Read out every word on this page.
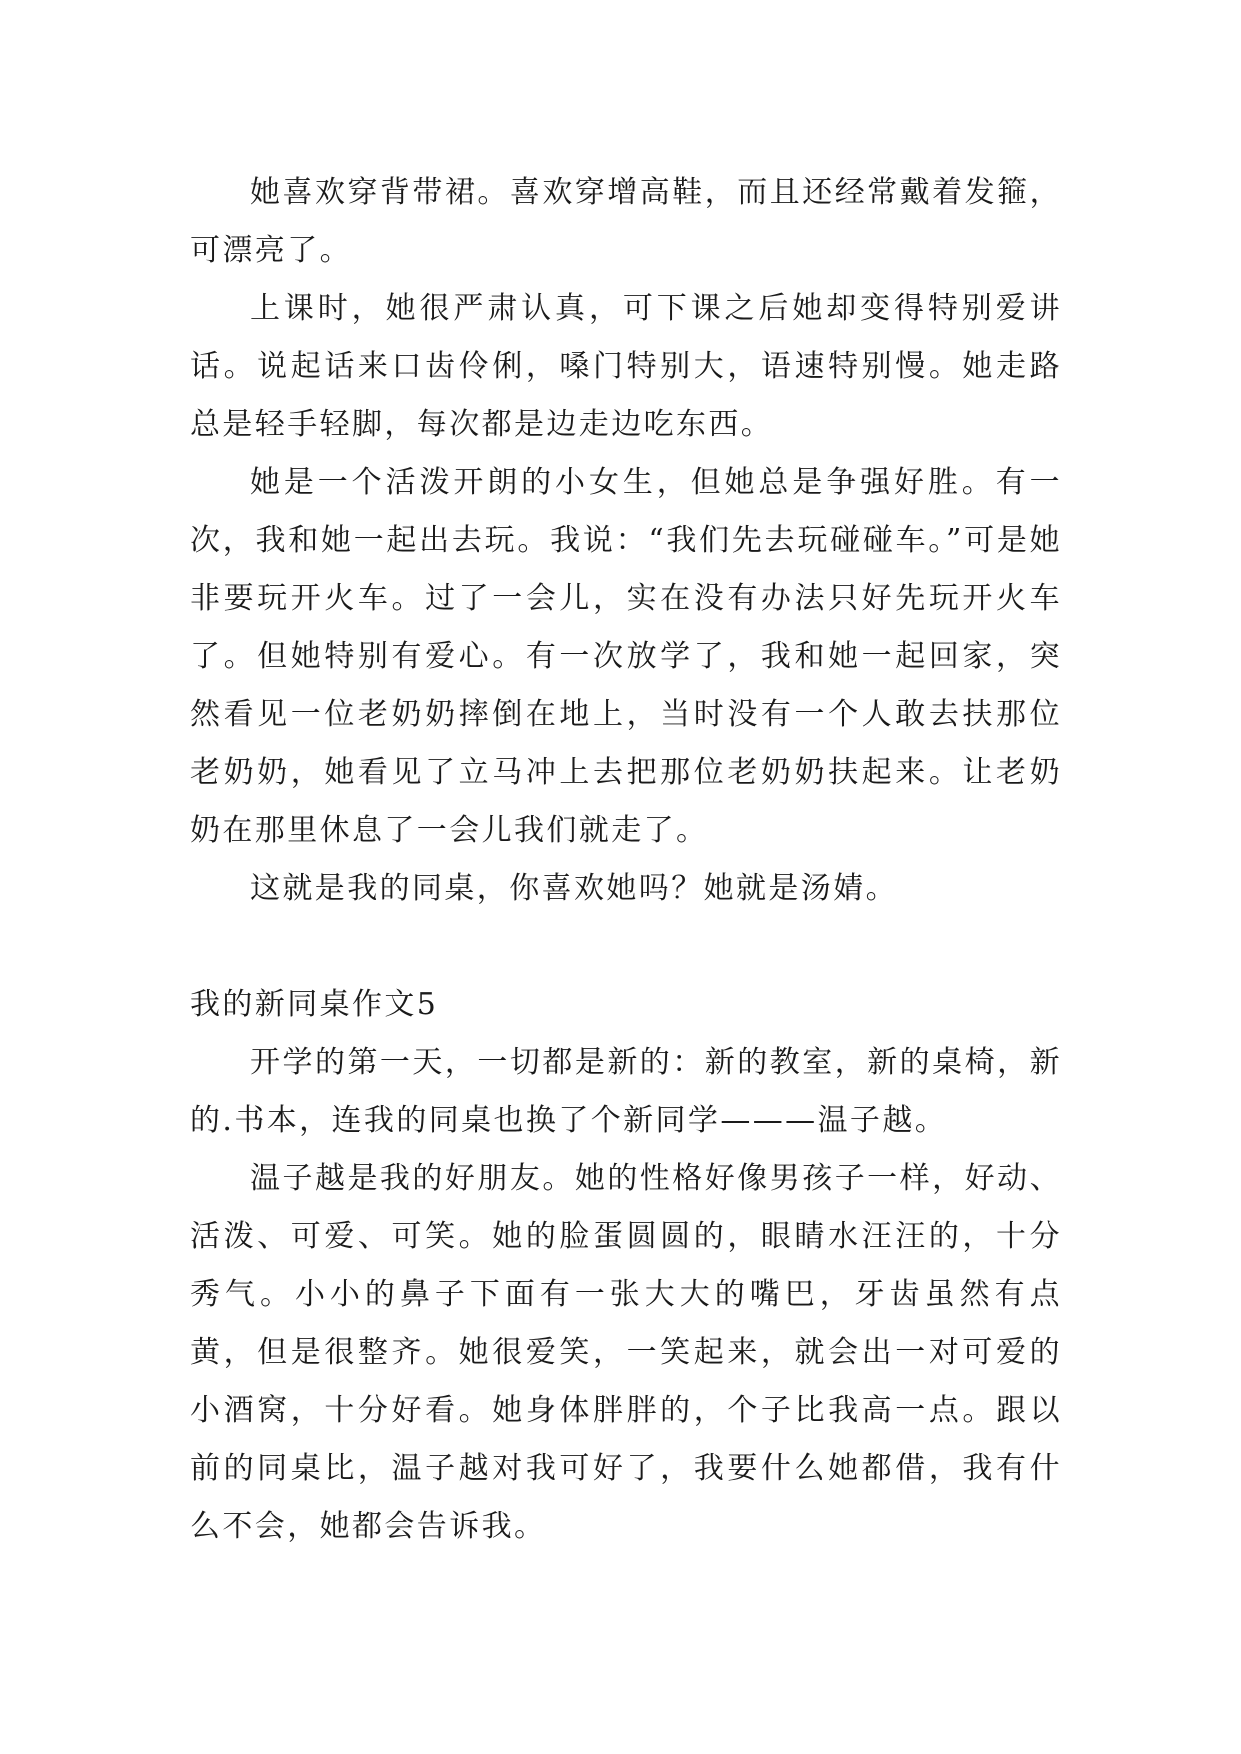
她喜欢穿背带裙。喜欢穿增高鞋，而且还经常戴着发箍，可漂亮了。

上课时，她很严肃认真，可下课之后她却变得特别爱讲话。说起话来口齿伶俐，嗓门特别大，语速特别慢。她走路总是轻手轻脚，每次都是边走边吃东西。

她是一个活泼开朗的小女生，但她总是争强好胜。有一次，我和她一起出去玩。我说：“我们先去玩碰碰车。”可是她非要玩开火车。过了一会儿，实在没有办法只好先玩开火车了。但她特别有爱心。有一次放学了，我和她一起回家，突然看见一位老奶奶摔倒在地上，当时没有一个人敢去扶那位老奶奶，她看见了立马冲上去把那位老奶奶扶起来。让老奶奶在那里休息了一会儿我们就走了。

这就是我的同桌，你喜欢她吗？她就是汤婧。

我的新同桌作文5

开学的第一天，一切都是新的：新的教室，新的桌椅，新的.书本，连我的同桌也换了个新同学———温子越。

温子越是我的好朋友。她的性格好像男孩子一样，好动、活泼、可爱、可笑。她的脸蛋圆圆的，眼睛水汪汪的，十分秀气。小小的鼻子下面有一张大大的嘴巴，牙齿虽然有点黄，但是很整齐。她很爱笑，一笑起来，就会出一对可爱的小酒窝，十分好看。她身体胖胖的，个子比我高一点。跟以前的同桌比，温子越对我可好了，我要什么她都借，我有什么不会，她都会告诉我。
